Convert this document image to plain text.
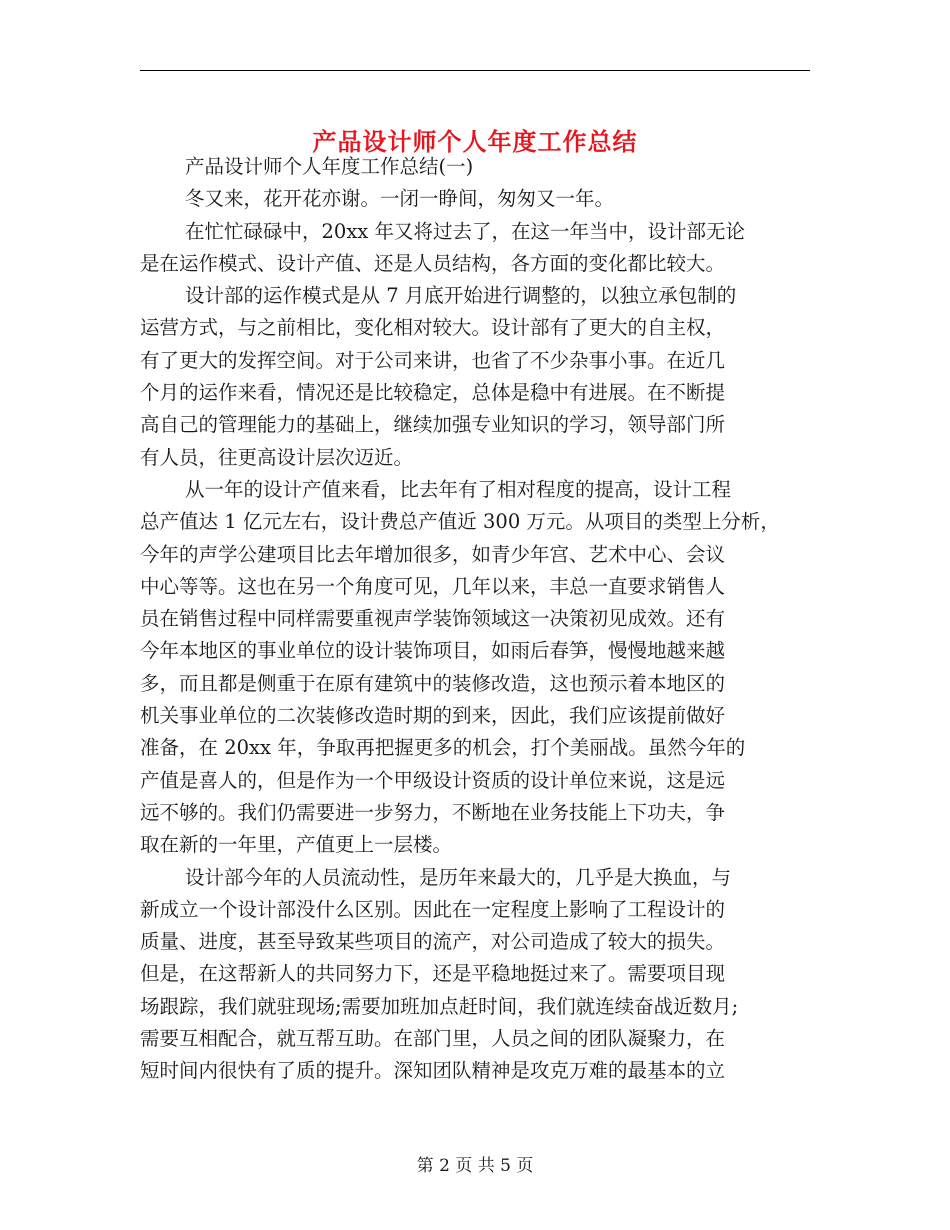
产品设计师个人年度工作总结
产品设计师个人年度工作总结(一)
冬又来，花开花亦谢。一闭一睁间，匆匆又一年。
在忙忙碌碌中，20xx 年又将过去了，在这一年当中，设计部无论
是在运作模式、设计产值、还是人员结构，各方面的变化都比较大。
设计部的运作模式是从 7 月底开始进行调整的，以独立承包制的
运营方式，与之前相比，变化相对较大。设计部有了更大的自主权，
有了更大的发挥空间。对于公司来讲，也省了不少杂事小事。在近几
个月的运作来看，情况还是比较稳定，总体是稳中有进展。在不断提
高自己的管理能力的基础上，继续加强专业知识的学习，领导部门所
有人员，往更高设计层次迈近。
从一年的设计产值来看，比去年有了相对程度的提高，设计工程
总产值达 1 亿元左右，设计费总产值近 300 万元。从项目的类型上分析，
今年的声学公建项目比去年增加很多，如青少年宫、艺术中心、会议
中心等等。这也在另一个角度可见，几年以来，丰总一直要求销售人
员在销售过程中同样需要重视声学装饰领域这一决策初见成效。还有
今年本地区的事业单位的设计装饰项目，如雨后春笋，慢慢地越来越
多，而且都是侧重于在原有建筑中的装修改造，这也预示着本地区的
机关事业单位的二次装修改造时期的到来，因此，我们应该提前做好
准备，在 20xx 年，争取再把握更多的机会，打个美丽战。虽然今年的
产值是喜人的，但是作为一个甲级设计资质的设计单位来说，这是远
远不够的。我们仍需要进一步努力，不断地在业务技能上下功夫，争
取在新的一年里，产值更上一层楼。
设计部今年的人员流动性，是历年来最大的，几乎是大换血，与
新成立一个设计部没什么区别。因此在一定程度上影响了工程设计的
质量、进度，甚至导致某些项目的流产，对公司造成了较大的损失。
但是，在这帮新人的共同努力下，还是平稳地挺过来了。需要项目现
场跟踪，我们就驻现场;需要加班加点赶时间，我们就连续奋战近数月;
需要互相配合，就互帮互助。在部门里，人员之间的团队凝聚力，在
短时间内很快有了质的提升。深知团队精神是攻克万难的最基本的立
第 2 页 共 5 页
